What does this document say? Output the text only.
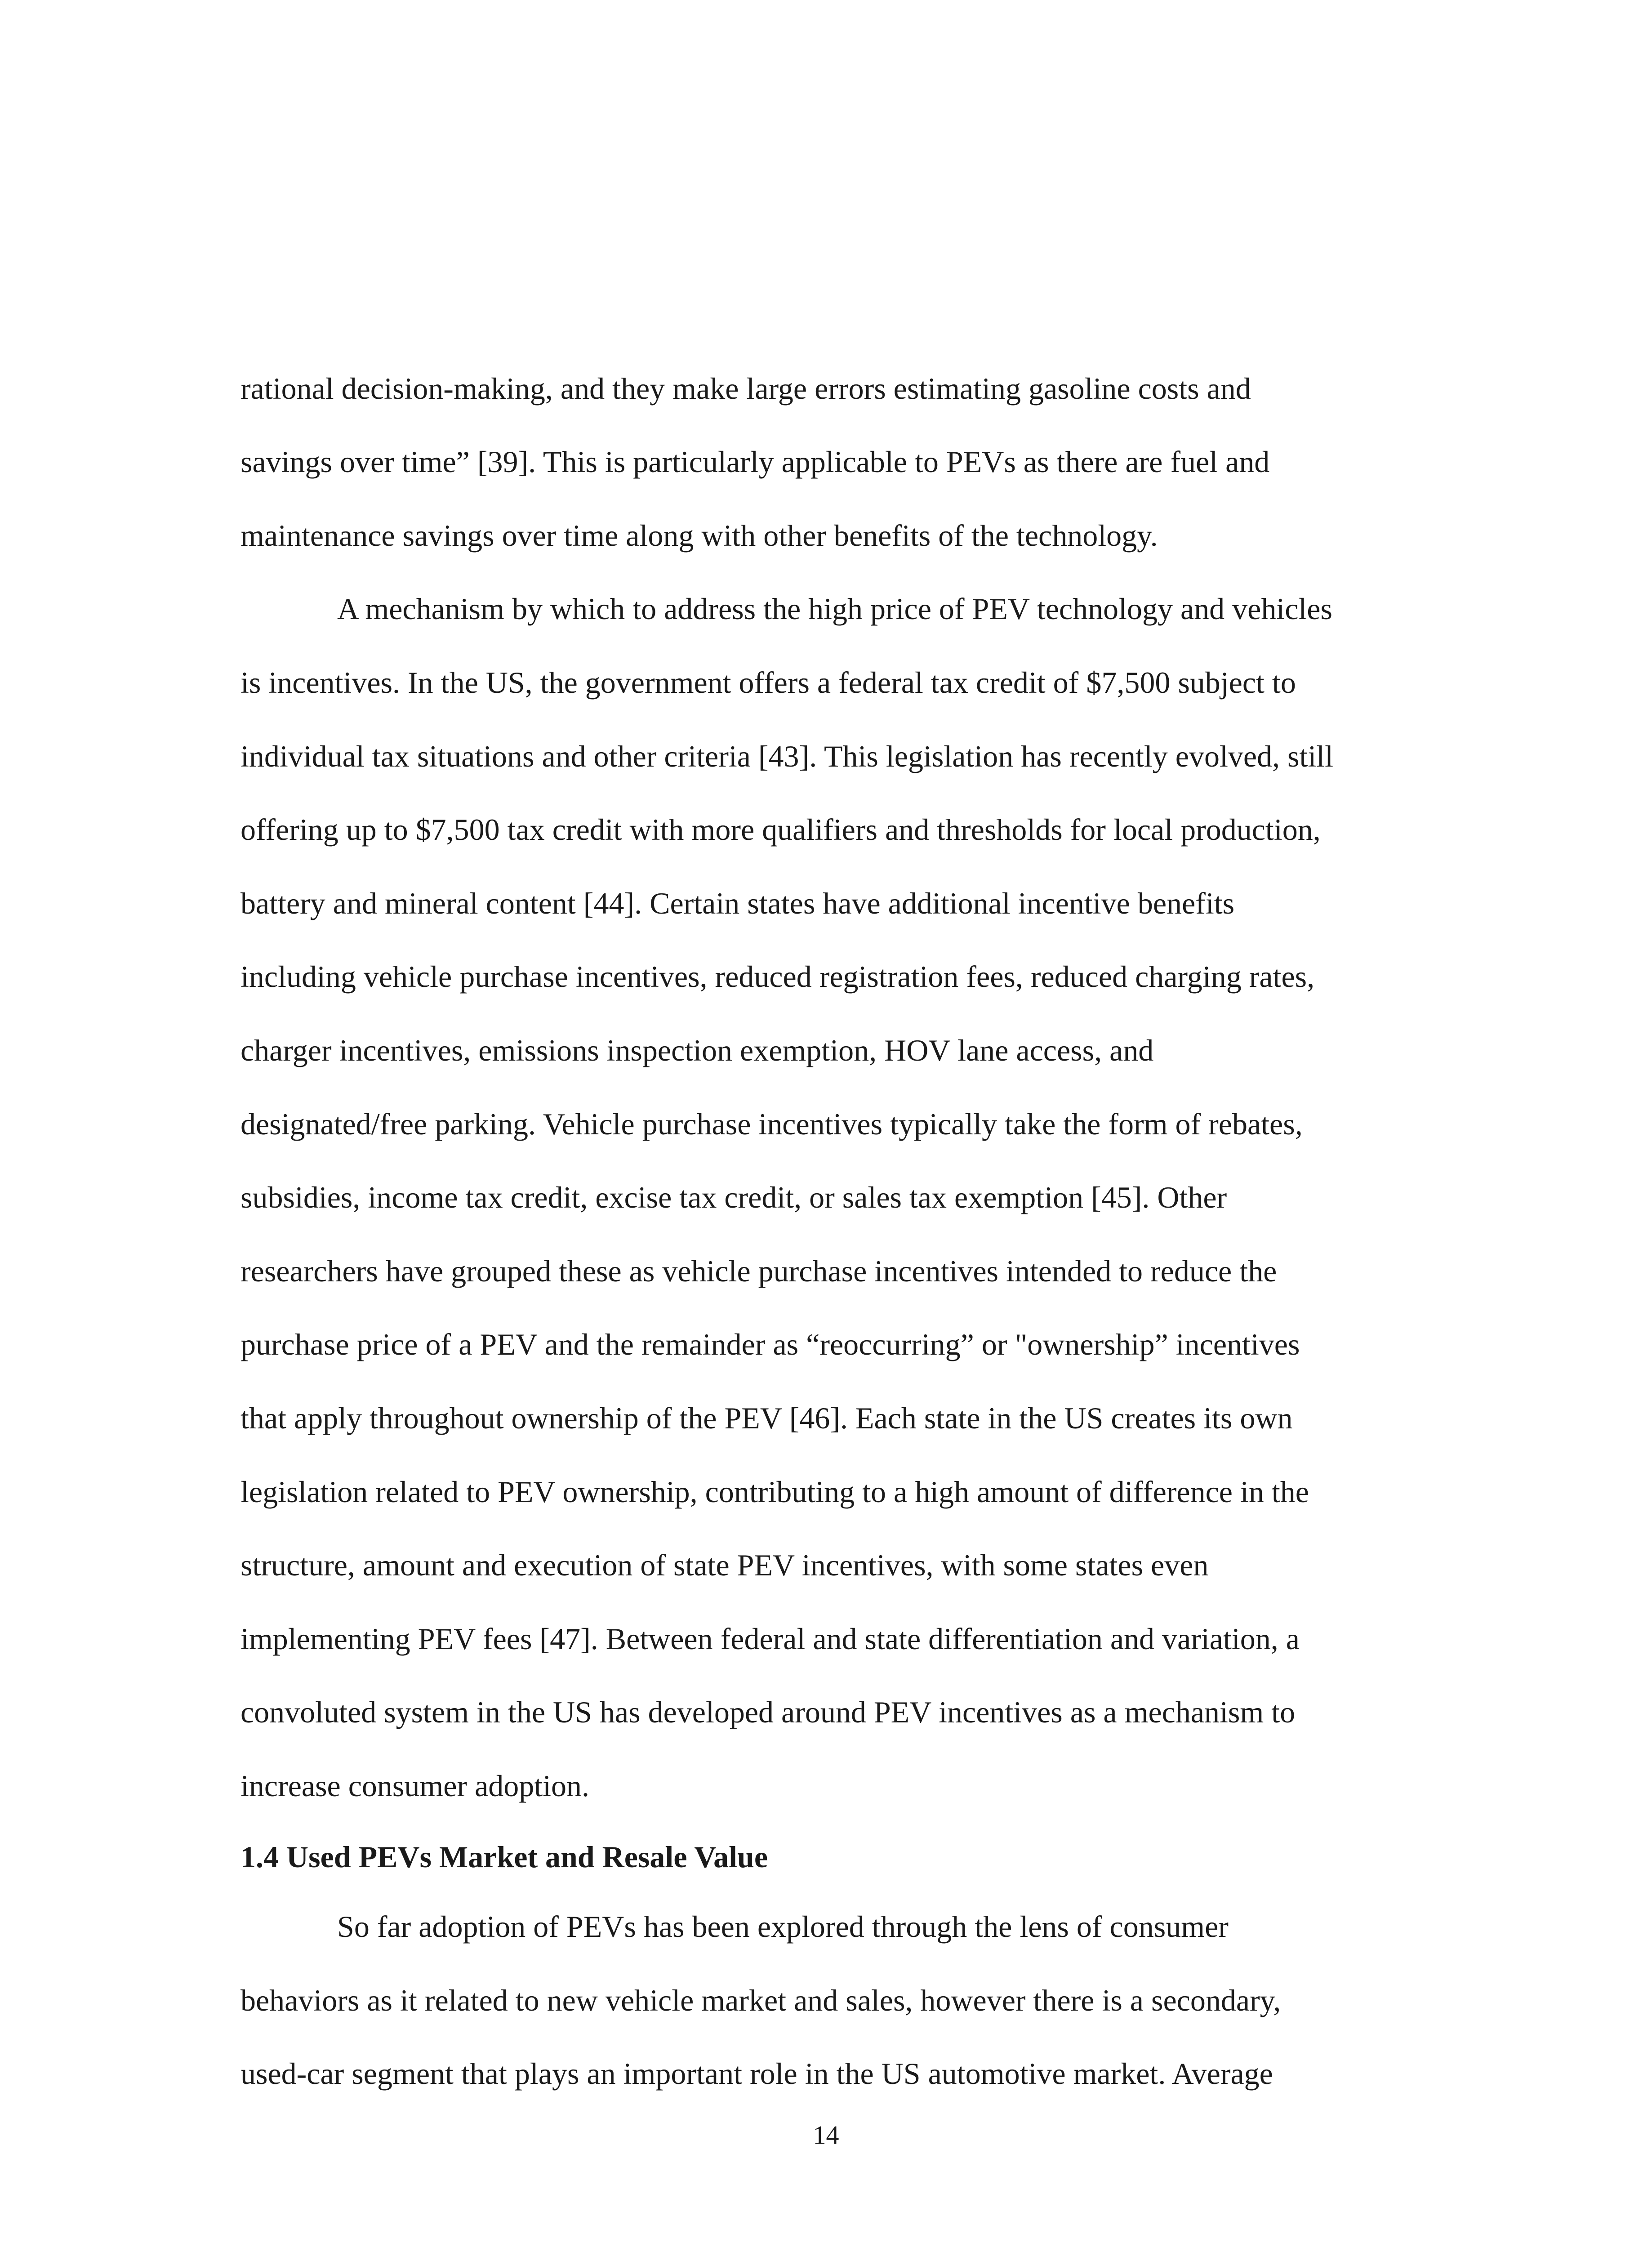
rational decision-making, and they make large errors estimating gasoline costs and
savings over time” [39]. This is particularly applicable to PEVs as there are fuel and
maintenance savings over time along with other benefits of the technology.
A mechanism by which to address the high price of PEV technology and vehicles
is incentives. In the US, the government offers a federal tax credit of $7,500 subject to
individual tax situations and other criteria [43]. This legislation has recently evolved, still
offering up to $7,500 tax credit with more qualifiers and thresholds for local production,
battery and mineral content [44]. Certain states have additional incentive benefits
including vehicle purchase incentives, reduced registration fees, reduced charging rates,
charger incentives, emissions inspection exemption, HOV lane access, and
designated/free parking. Vehicle purchase incentives typically take the form of rebates,
subsidies, income tax credit, excise tax credit, or sales tax exemption [45]. Other
researchers have grouped these as vehicle purchase incentives intended to reduce the
purchase price of a PEV and the remainder as “reoccurring” or "ownership” incentives
that apply throughout ownership of the PEV [46]. Each state in the US creates its own
legislation related to PEV ownership, contributing to a high amount of difference in the
structure, amount and execution of state PEV incentives, with some states even
implementing PEV fees [47]. Between federal and state differentiation and variation, a
convoluted system in the US has developed around PEV incentives as a mechanism to
increase consumer adoption.
1.4 Used PEVs Market and Resale Value
So far adoption of PEVs has been explored through the lens of consumer
behaviors as it related to new vehicle market and sales, however there is a secondary,
used-car segment that plays an important role in the US automotive market. Average
14
